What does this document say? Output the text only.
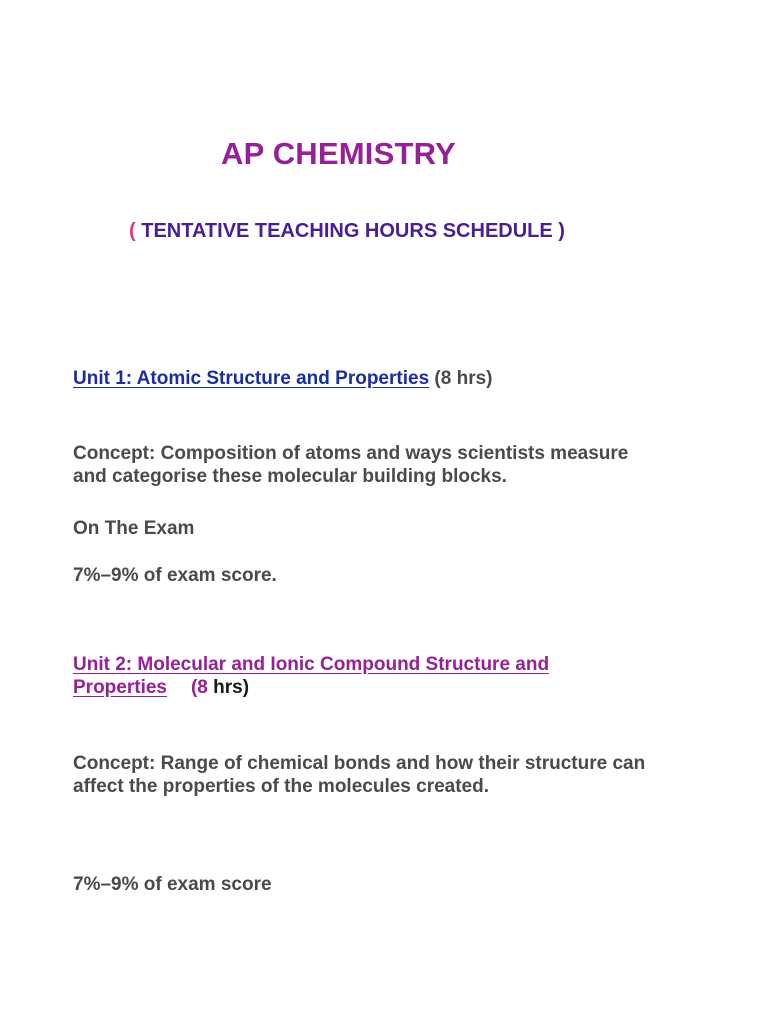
AP CHEMISTRY
( TENTATIVE TEACHING HOURS SCHEDULE )
Unit 1: Atomic Structure and Properties (8 hrs)
Concept: Composition of atoms and ways scientists measure
and categorise these molecular building blocks.
On The Exam
7%–9% of exam score.
Unit 2: Molecular and Ionic Compound Structure and
Properties (8 hrs)
Concept: Range of chemical bonds and how their structure can
affect the properties of the molecules created.
7%–9% of exam score
